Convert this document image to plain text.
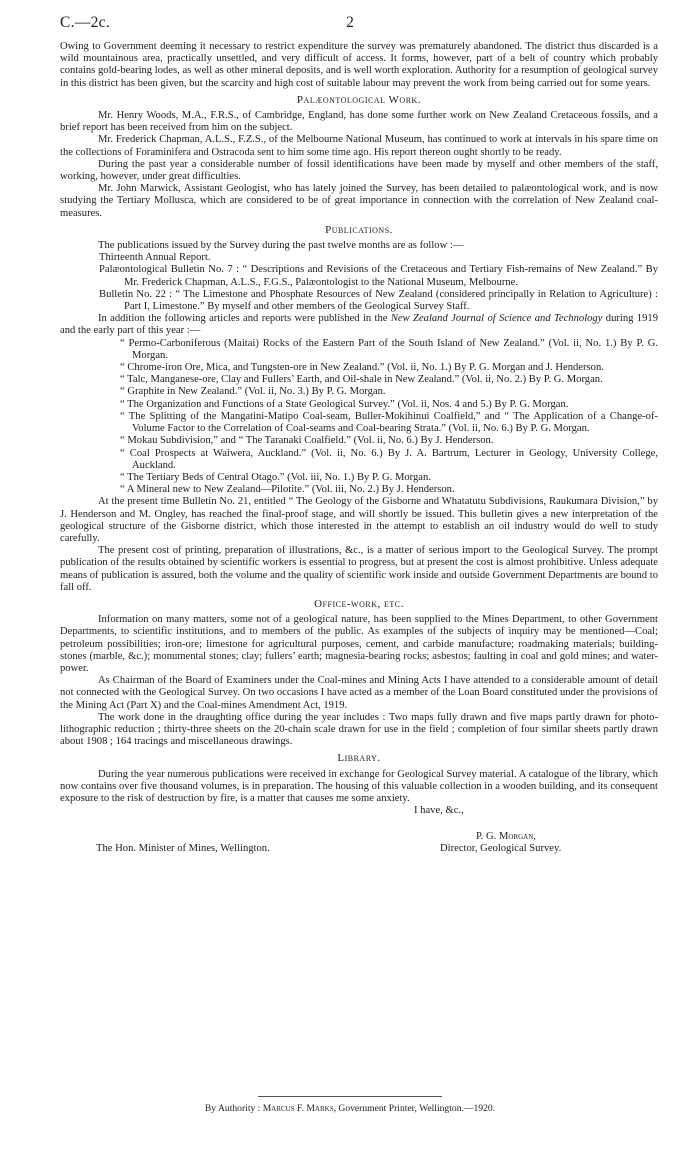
C.—2c.	2

Owing to Government deeming it necessary to restrict expenditure the survey was prematurely abandoned. The district thus discarded is a wild mountainous area, practically unsettled, and very difficult of access. It forms, however, part of a belt of country which probably contains gold-bearing lodes, as well as other mineral deposits, and is well worth exploration. Authority for a resumption of geological survey in this district has been given, but the scarcity and high cost of suitable labour may prevent the work from being carried out for some years.

Palæontological Work.

Mr. Henry Woods, M.A., F.R.S., of Cambridge, England, has done some further work on New Zealand Cretaceous fossils, and a brief report has been received from him on the subject.

Mr. Frederick Chapman, A.L.S., F.Z.S., of the Melbourne National Museum, has continued to work at intervals in his spare time on the collections of Foraminifera and Ostracoda sent to him some time ago. His report thereon ought shortly to be ready.

During the past year a considerable number of fossil identifications have been made by myself and other members of the staff, working, however, under great difficulties.

Mr. John Marwick, Assistant Geologist, who has lately joined the Survey, has been detailed to palæontological work, and is now studying the Tertiary Mollusca, which are considered to be of great importance in connection with the correlation of New Zealand coal-measures.

Publications.

The publications issued by the Survey during the past twelve months are as follow :—

Thirteenth Annual Report.

Palæontological Bulletin No. 7 : “ Descriptions and Revisions of the Cretaceous and Tertiary Fish-remains of New Zealand.” By Mr. Frederick Chapman, A.L.S., F.G.S., Palæontologist to the National Museum, Melbourne.

Bulletin No. 22 : “ The Limestone and Phosphate Resources of New Zealand (considered principally in Relation to Agriculture) : Part I, Limestone.” By myself and other members of the Geological Survey Staff.

In addition the following articles and reports were published in the New Zealand Journal of Science and Technology during 1919 and the early part of this year :—

“ Permo-Carboniferous (Maitai) Rocks of the Eastern Part of the South Island of New Zealand.” (Vol. ii, No. 1.) By P. G. Morgan.

“ Chrome-iron Ore, Mica, and Tungsten-ore in New Zealand.” (Vol. ii, No. 1.) By P. G. Morgan and J. Henderson.

“ Talc, Manganese-ore, Clay and Fullers’ Earth, and Oil-shale in New Zealand.” (Vol. ii, No. 2.) By P. G. Morgan.

“ Graphite in New Zealand.” (Vol. ii, No. 3.) By P. G. Morgan.

“ The Organization and Functions of a State Geological Survey.” (Vol. ii, Nos. 4 and 5.) By P. G. Morgan.

“ The Splitting of the Mangatini-Matipo Coal-seam, Buller-Mokihinui Coalfield,” and “ The Application of a Change-of-Volume Factor to the Correlation of Coal-seams and Coal-bearing Strata.” (Vol. ii, No. 6.) By P. G. Morgan.

“ Mokau Subdivision,” and “ The Taranaki Coalfield.” (Vol. ii, No. 6.) By J. Henderson.

“ Coal Prospects at Waiwera, Auckland.” (Vol. ii, No. 6.) By J. A. Bartrum, Lecturer in Geology, University College, Auckland.

“ The Tertiary Beds of Central Otago.” (Vol. iii, No. 1.) By P. G. Morgan.

“ A Mineral new to New Zealand—Pilotite.” (Vol. iii, No. 2.) By J. Henderson.

At the present time Bulletin No. 21, entitled “ The Geology of the Gisborne and Whatatutu Subdivisions, Raukumara Division,” by J. Henderson and M. Ongley, has reached the final-proof stage, and will shortly be issued. This bulletin gives a new interpretation of the geological structure of the Gisborne district, which those interested in the attempt to establish an oil industry would do well to study carefully.

The present cost of printing, preparation of illustrations, &c., is a matter of serious import to the Geological Survey. The prompt publication of the results obtained by scientific workers is essential to progress, but at present the cost is almost prohibitive. Unless adequate means of publication is assured, both the volume and the quality of scientific work inside and outside Government Departments are bound to fall off.

Office-work, etc.

Information on many matters, some not of a geological nature, has been supplied to the Mines Department, to other Government Departments, to scientific institutions, and to members of the public. As examples of the subjects of inquiry may be mentioned—Coal; petroleum possibilities; iron-ore; limestone for agricultural purposes, cement, and carbide manufacture; roadmaking materials; building-stones (marble, &c.); monumental stones; clay; fullers’ earth; magnesia-bearing rocks; asbestos; faulting in coal and gold mines; and water-power.

As Chairman of the Board of Examiners under the Coal-mines and Mining Acts I have attended to a considerable amount of detail not connected with the Geological Survey. On two occasions I have acted as a member of the Loan Board constituted under the provisions of the Mining Act (Part X) and the Coal-mines Amendment Act, 1919.

The work done in the draughting office during the year includes : Two maps fully drawn and five maps partly drawn for photo-lithographic reduction ; thirty-three sheets on the 20-chain scale drawn for use in the field ; completion of four similar sheets partly drawn about 1908 ; 164 tracings and miscellaneous drawings.

Library.

During the year numerous publications were received in exchange for Geological Survey material. A catalogue of the library, which now contains over five thousand volumes, is in preparation. The housing of this valuable collection in a wooden building, and its consequent exposure to the risk of destruction by fire, is a matter that causes me some anxiety.

I have, &c.,
P. G. Morgan,
Director, Geological Survey.
The Hon. Minister of Mines, Wellington.
By Authority : Marcus F. Marks, Government Printer, Wellington.—1920.
